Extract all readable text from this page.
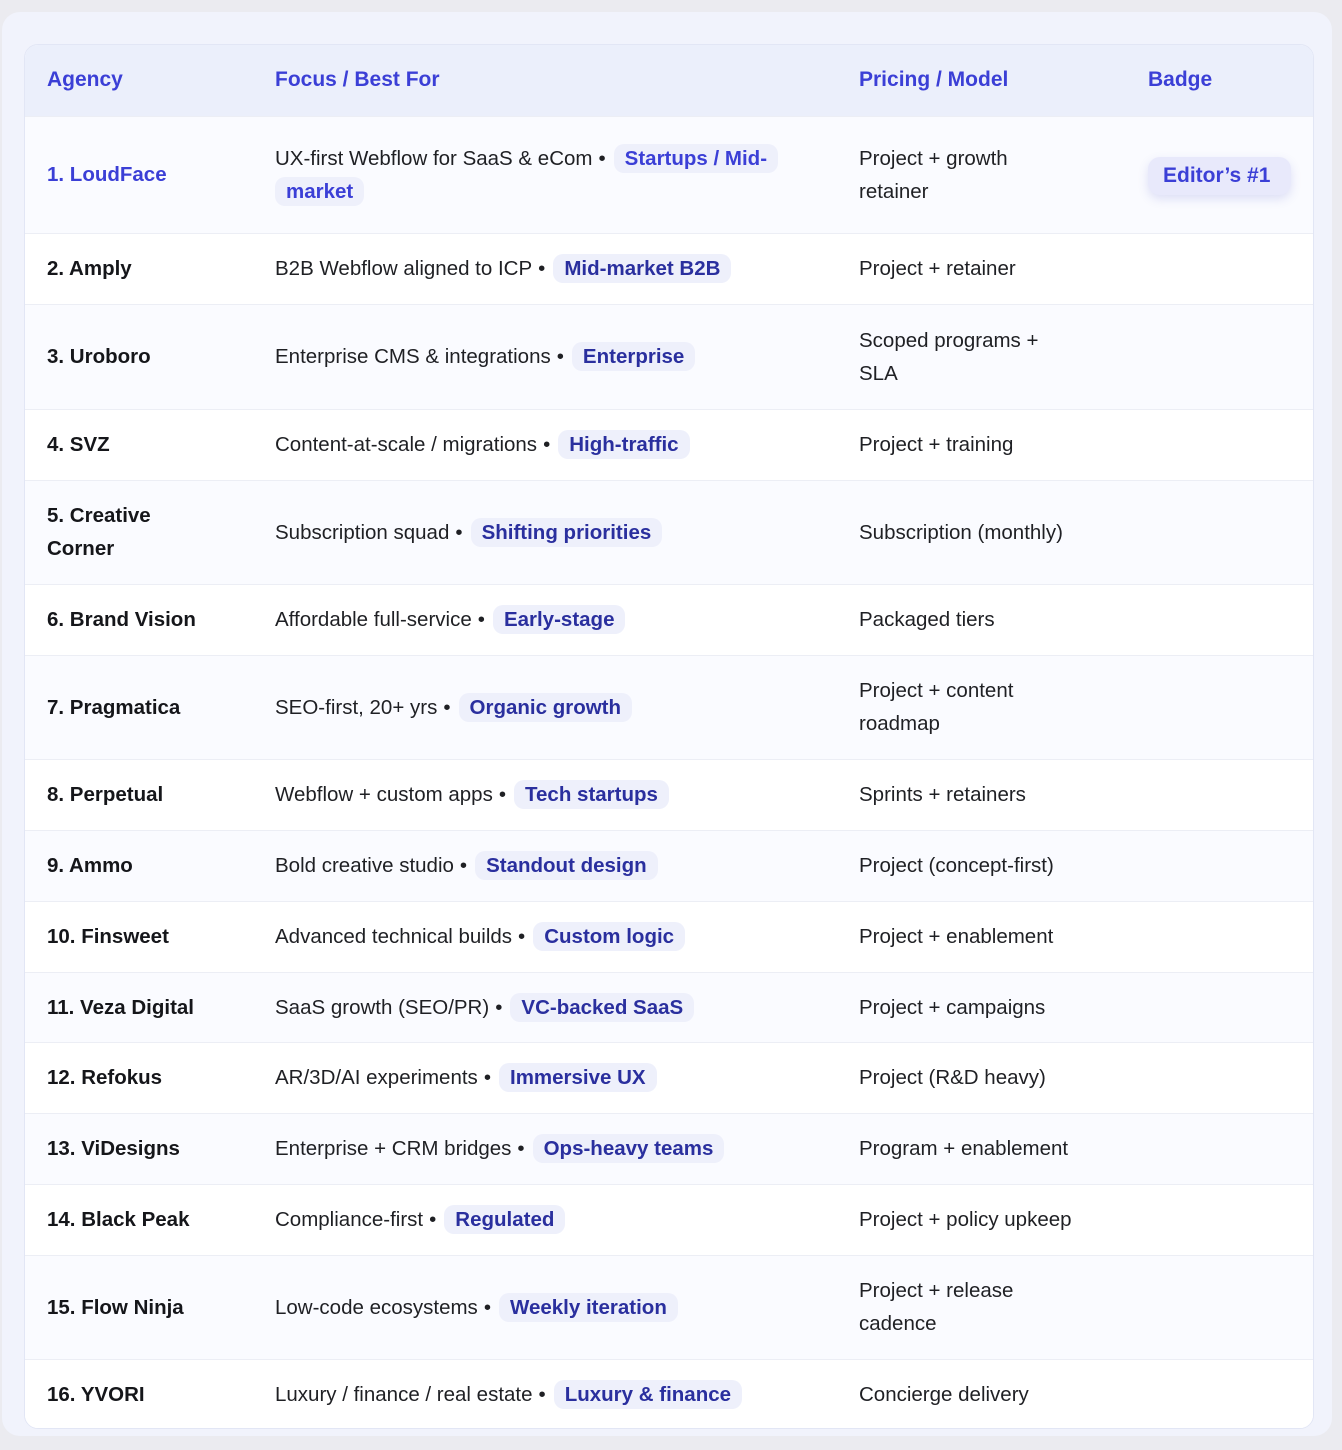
Agency	Focus / Best For	Pricing / Model	Badge
1. LoudFace	UX-first Webflow for SaaS & eCom • Startups / Mid-market	Project + growth retainer	Editor’s #1
2. Amply	B2B Webflow aligned to ICP • Mid-market B2B	Project + retainer	
3. Uroboro	Enterprise CMS & integrations • Enterprise	Scoped programs + SLA	
4. SVZ	Content-at-scale / migrations • High-traffic	Project + training	
5. Creative Corner	Subscription squad • Shifting priorities	Subscription (monthly)	
6. Brand Vision	Affordable full-service • Early-stage	Packaged tiers	
7. Pragmatica	SEO-first, 20+ yrs • Organic growth	Project + content roadmap	
8. Perpetual	Webflow + custom apps • Tech startups	Sprints + retainers	
9. Ammo	Bold creative studio • Standout design	Project (concept-first)	
10. Finsweet	Advanced technical builds • Custom logic	Project + enablement	
11. Veza Digital	SaaS growth (SEO/PR) • VC-backed SaaS	Project + campaigns	
12. Refokus	AR/3D/AI experiments • Immersive UX	Project (R&D heavy)	
13. ViDesigns	Enterprise + CRM bridges • Ops-heavy teams	Program + enablement	
14. Black Peak	Compliance-first • Regulated	Project + policy upkeep	
15. Flow Ninja	Low-code ecosystems • Weekly iteration	Project + release cadence	
16. YVORI	Luxury / finance / real estate • Luxury & finance	Concierge delivery	
